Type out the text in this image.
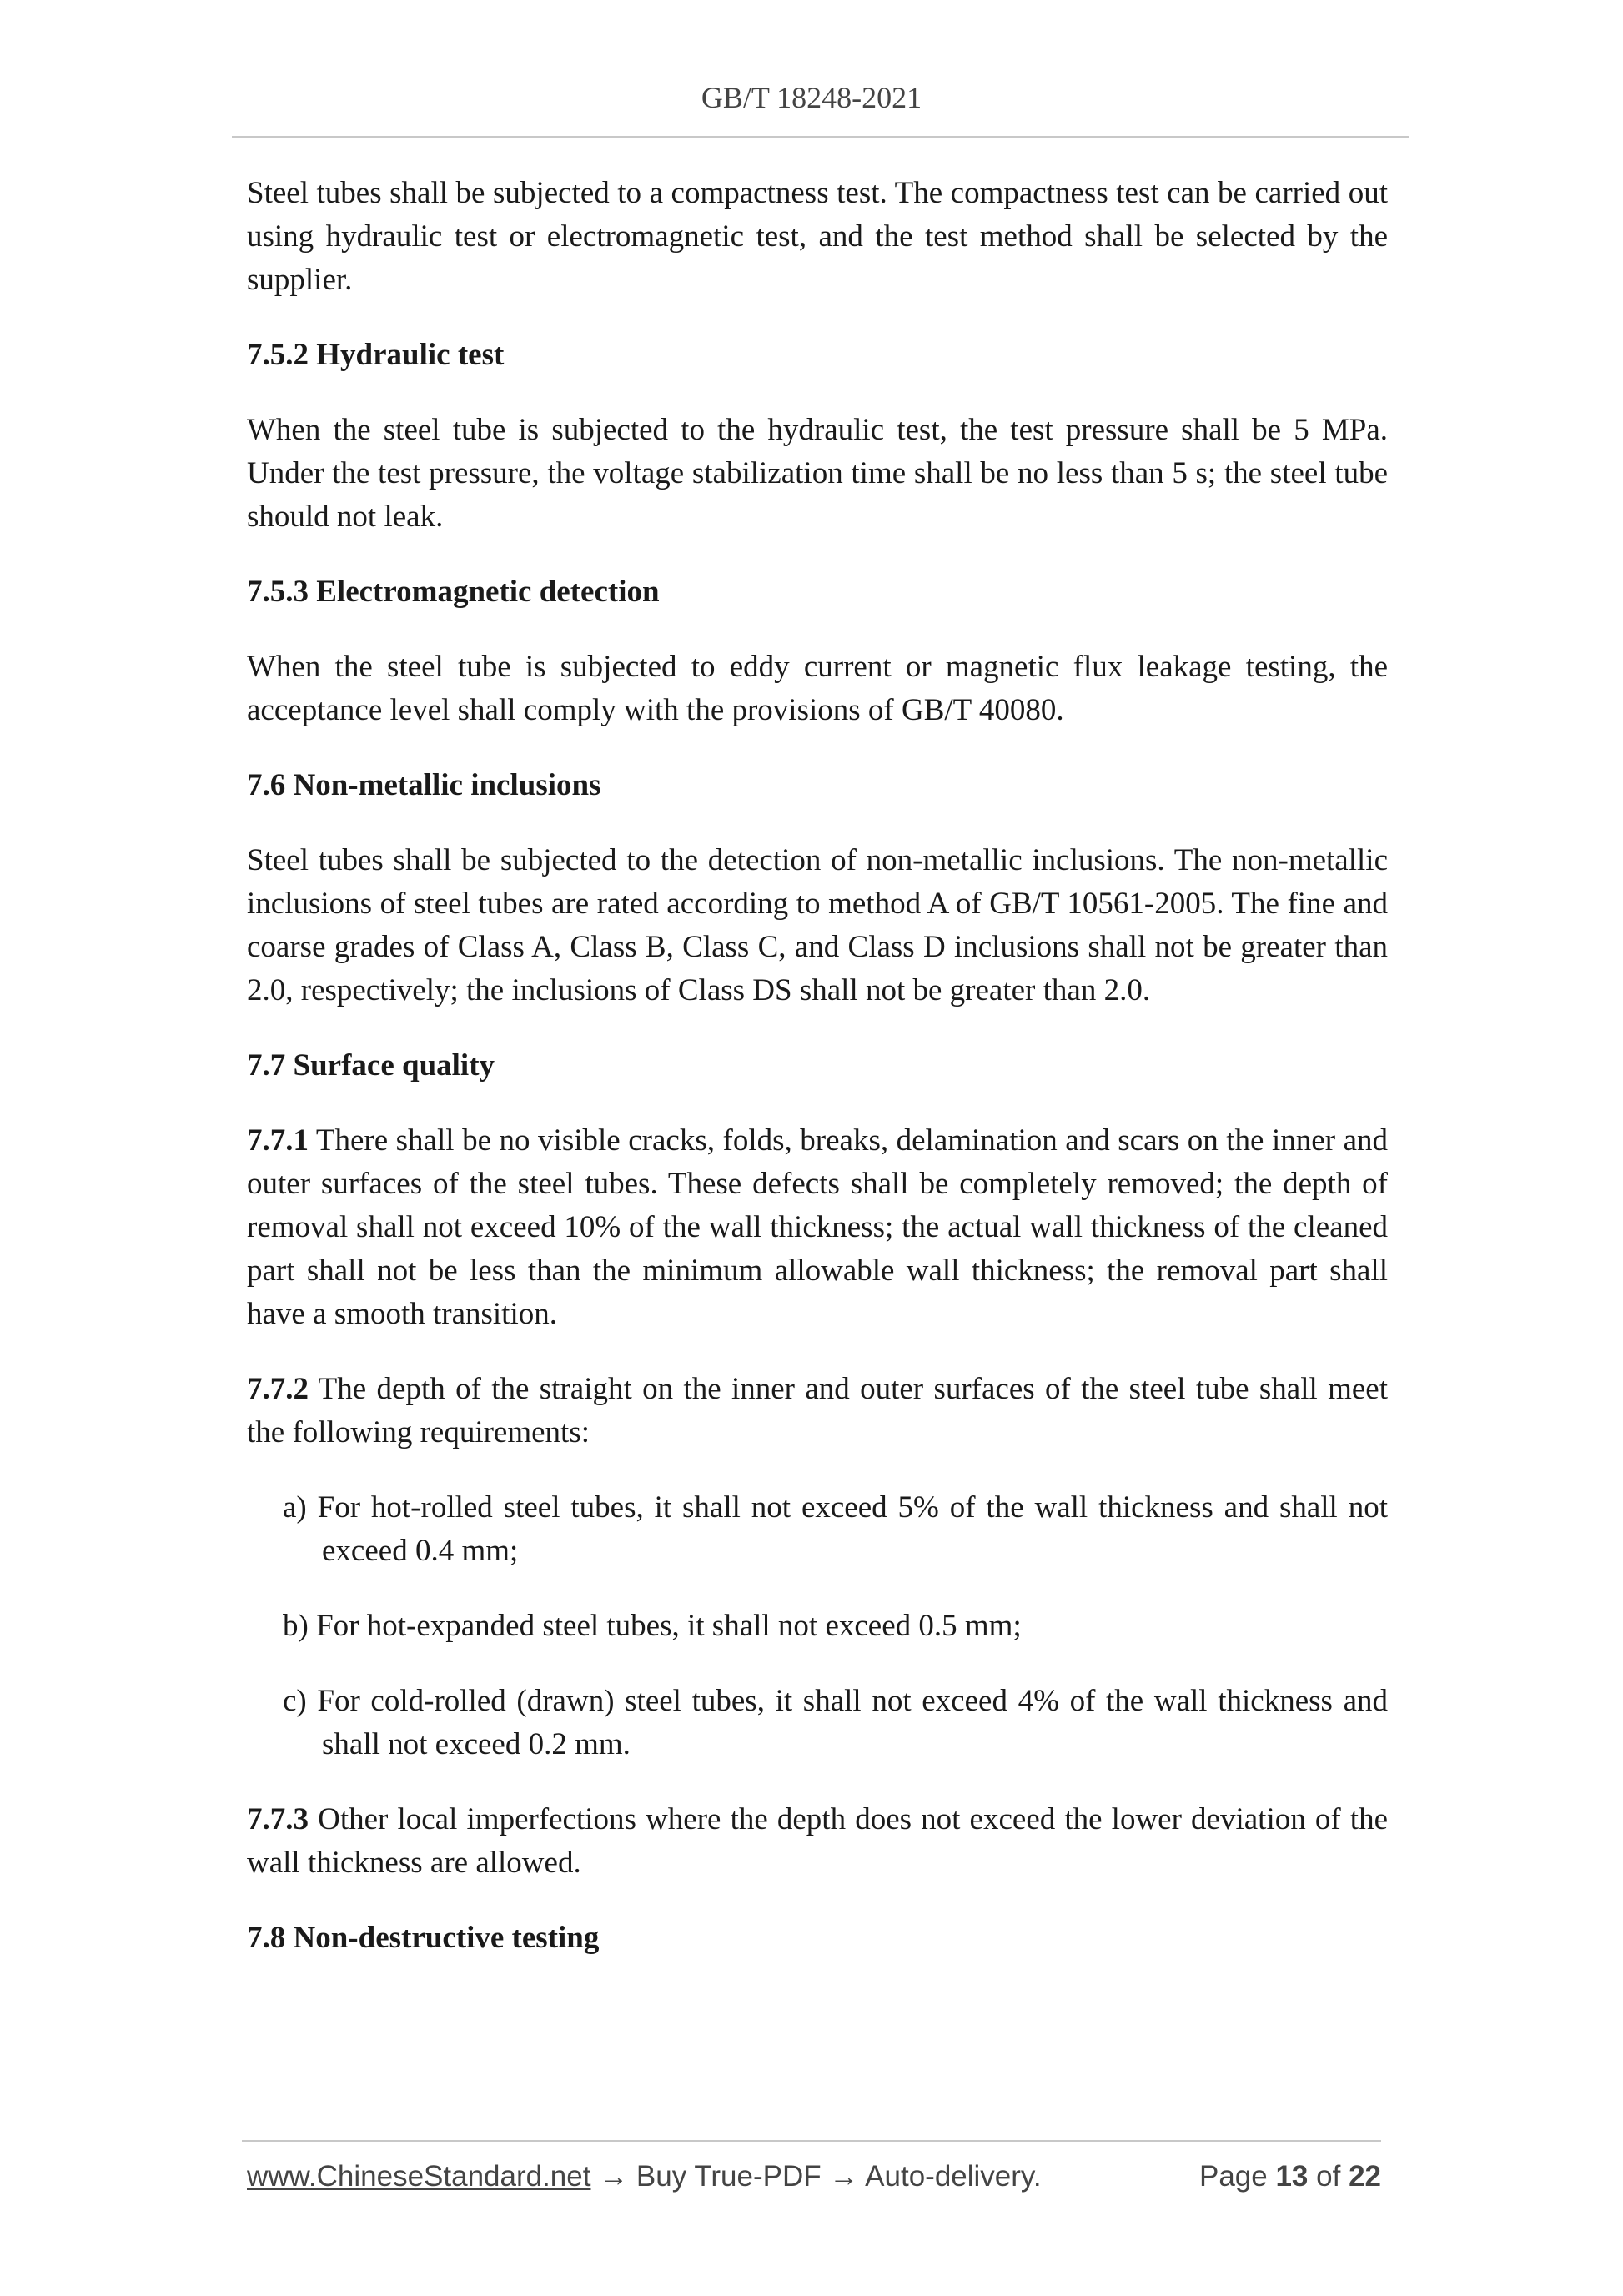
GB/T 18248-2021

Steel tubes shall be subjected to a compactness test. The compactness test can be carried out using hydraulic test or electromagnetic test, and the test method shall be selected by the supplier.

7.5.2 Hydraulic test

When the steel tube is subjected to the hydraulic test, the test pressure shall be 5 MPa. Under the test pressure, the voltage stabilization time shall be no less than 5 s; the steel tube should not leak.

7.5.3 Electromagnetic detection

When the steel tube is subjected to eddy current or magnetic flux leakage testing, the acceptance level shall comply with the provisions of GB/T 40080.

7.6 Non-metallic inclusions

Steel tubes shall be subjected to the detection of non-metallic inclusions. The non-metallic inclusions of steel tubes are rated according to method A of GB/T 10561-2005. The fine and coarse grades of Class A, Class B, Class C, and Class D inclusions shall not be greater than 2.0, respectively; the inclusions of Class DS shall not be greater than 2.0.

7.7 Surface quality

7.7.1 There shall be no visible cracks, folds, breaks, delamination and scars on the inner and outer surfaces of the steel tubes. These defects shall be completely removed; the depth of removal shall not exceed 10% of the wall thickness; the actual wall thickness of the cleaned part shall not be less than the minimum allowable wall thickness; the removal part shall have a smooth transition.

7.7.2 The depth of the straight on the inner and outer surfaces of the steel tube shall meet the following requirements:

a) For hot-rolled steel tubes, it shall not exceed 5% of the wall thickness and shall not exceed 0.4 mm;

b) For hot-expanded steel tubes, it shall not exceed 0.5 mm;

c) For cold-rolled (drawn) steel tubes, it shall not exceed 4% of the wall thickness and shall not exceed 0.2 mm.

7.7.3 Other local imperfections where the depth does not exceed the lower deviation of the wall thickness are allowed.

7.8 Non-destructive testing

www.ChineseStandard.net → Buy True-PDF → Auto-delivery.	Page 13 of 22
